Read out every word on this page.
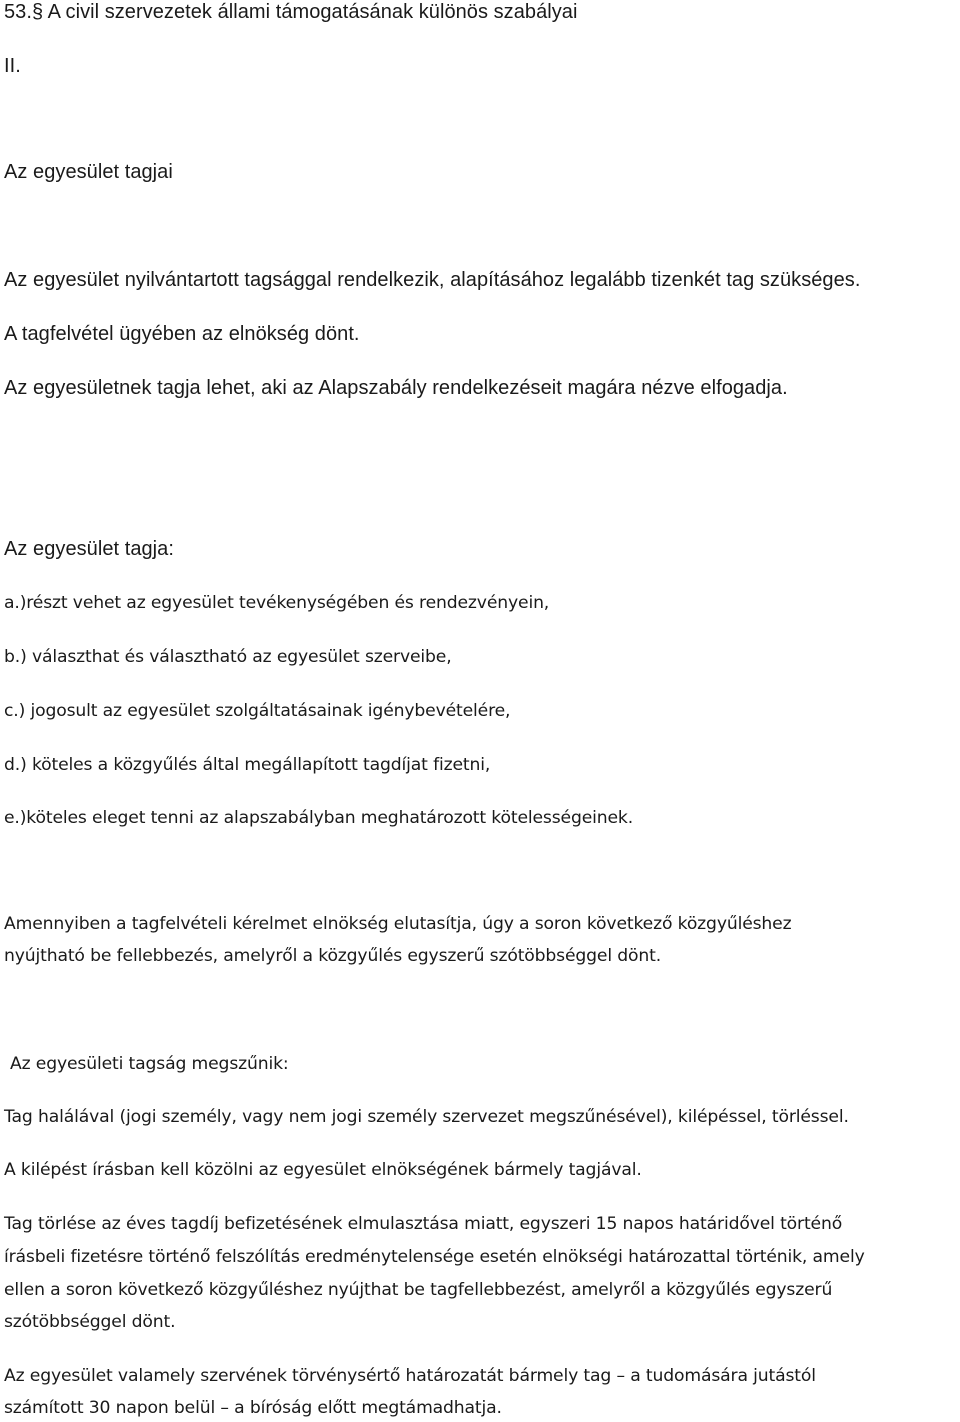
53.§ A civil szervezetek állami támogatásának különös szabályai

II.

Az egyesület tagjai

Az egyesület nyilvántartott tagsággal rendelkezik, alapításához legalább tizenkét tag szükséges.

A tagfelvétel ügyében az elnökség dönt.

Az egyesületnek tagja lehet, aki az Alapszabály rendelkezéseit magára nézve elfogadja.

Az egyesület tagja:

a.)részt vehet az egyesület tevékenységében és rendezvényein,

b.) választhat és választható az egyesület szerveibe,

c.) jogosult az egyesület szolgáltatásainak igénybevételére,

d.) köteles a közgyűlés által megállapított tagdíjat fizetni,

e.)köteles eleget tenni az alapszabályban meghatározott kötelességeinek.

Amennyiben a tagfelvételi kérelmet elnökség elutasítja, úgy a soron következő közgyűléshez

nyújtható be fellebbezés, amelyről a közgyűlés egyszerű szótöbbséggel dönt.

Az egyesületi tagság megszűnik:

Tag halálával (jogi személy, vagy nem jogi személy szervezet megszűnésével), kilépéssel, törléssel.

A kilépést írásban kell közölni az egyesület elnökségének bármely tagjával.

Tag törlése az éves tagdíj befizetésének elmulasztása miatt, egyszeri 15 napos határidővel történő

írásbeli fizetésre történő felszólítás eredménytelensége esetén elnökségi határozattal történik, amely

ellen a soron következő közgyűléshez nyújthat be tagfellebbezést, amelyről a közgyűlés egyszerű

szótöbbséggel dönt.

Az egyesület valamely szervének törvénysértő határozatát bármely tag – a tudomására jutástól

számított 30 napon belül – a bíróság előtt megtámadhatja.
